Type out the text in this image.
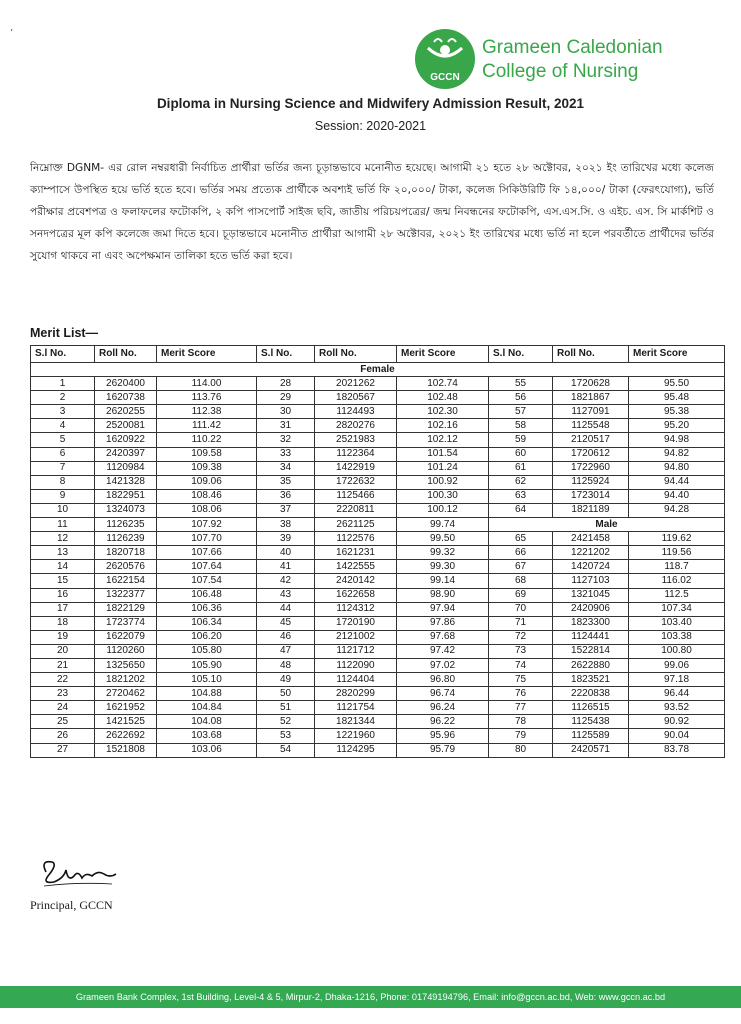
’
GCCN
Grameen Caledonian
College of Nursing
Diploma in Nursing Science and Midwifery Admission Result, 2021
Session: 2020-2021
নিম্নোক্ত DGNM- এর রোল নম্বরধারী নির্বাচিত প্রার্থীরা ভর্তির জন্য চূড়ান্তভাবে মনোনীত হয়েছে। আগামী ২১ হতে ২৮ অক্টোবর, ২০২১ ইং তারিখের মধ্যে কলেজ ক্যাম্পাসে উপস্থিত হয়ে ভর্তি হতে হবে। ভর্তির সময় প্রত্যেক প্রার্থীকে অবশ্যই ভর্তি ফি ২০,০০০/ টাকা, কলেজ সিকিউরিটি ফি ১৪,০০০/ টাকা (ফেরৎযোগ্য), ভর্তি পরীক্ষার প্রবেশপত্র ও ফলাফলের ফটোকপি, ২ কপি পাসপোর্ট সাইজ ছবি, জাতীয় পরিচয়পত্রের/ জন্ম নিবন্ধনের ফটোকপি, এস.এস.সি. ও এইচ. এস. সি মার্কশিট ও সনদপত্রের মূল কপি কলেজে জমা দিতে হবে। চূড়ান্তভাবে মনোনীত প্রার্থীরা আগামী ২৮ অক্টোবর, ২০২১ ইং তারিখের মধ্যে ভর্তি না হলে পরবর্তীতে প্রার্থীদের ভর্তির সুযোগ থাকবে না এবং অপেক্ষমান তালিকা হতে ভর্তি করা হবে।
Merit List—
S.l No.	Roll No.	Merit Score	S.l No.	Roll No.	Merit Score	S.l No.	Roll No.	Merit Score
Female								
1	2620400	114.00	28	2021262	102.74	55	1720628	95.50
2	1620738	113.76	29	1820567	102.48	56	1821867	95.48
3	2620255	112.38	30	1124493	102.30	57	1127091	95.38
4	2520081	111.42	31	2820276	102.16	58	1125548	95.20
5	1620922	110.22	32	2521983	102.12	59	2120517	94.98
6	2420397	109.58	33	1122364	101.54	60	1720612	94.82
7	1120984	109.38	34	1422919	101.24	61	1722960	94.80
8	1421328	109.06	35	1722632	100.92	62	1125924	94.44
9	1822951	108.46	36	1125466	100.30	63	1723014	94.40
10	1324073	108.06	37	2220811	100.12	64	1821189	94.28
11	1126235	107.92	38	2621125	99.74	Male		
12	1126239	107.70	39	1122576	99.50	65	2421458	119.62
13	1820718	107.66	40	1621231	99.32	66	1221202	119.56
14	2620576	107.64	41	1422555	99.30	67	1420724	118.7
15	1622154	107.54	42	2420142	99.14	68	1127103	116.02
16	1322377	106.48	43	1622658	98.90	69	1321045	112.5
17	1822129	106.36	44	1124312	97.94	70	2420906	107.34
18	1723774	106.34	45	1720190	97.86	71	1823300	103.40
19	1622079	106.20	46	2121002	97.68	72	1124441	103.38
20	1120260	105.80	47	1121712	97.42	73	1522814	100.80
21	1325650	105.90	48	1122090	97.02	74	2622880	99.06
22	1821202	105.10	49	1124404	96.80	75	1823521	97.18
23	2720462	104.88	50	2820299	96.74	76	2220838	96.44
24	1621952	104.84	51	1121754	96.24	77	1126515	93.52
25	1421525	104.08	52	1821344	96.22	78	1125438	90.92
26	2622692	103.68	53	1221960	95.96	79	1125589	90.04
27	1521808	103.06	54	1124295	95.79	80	2420571	83.78
Principal, GCCN
Grameen Bank Complex, 1st Building, Level-4 & 5, Mirpur-2, Dhaka-1216, Phone: 01749194796, Email: info@gccn.ac.bd, Web: www.gccn.ac.bd
